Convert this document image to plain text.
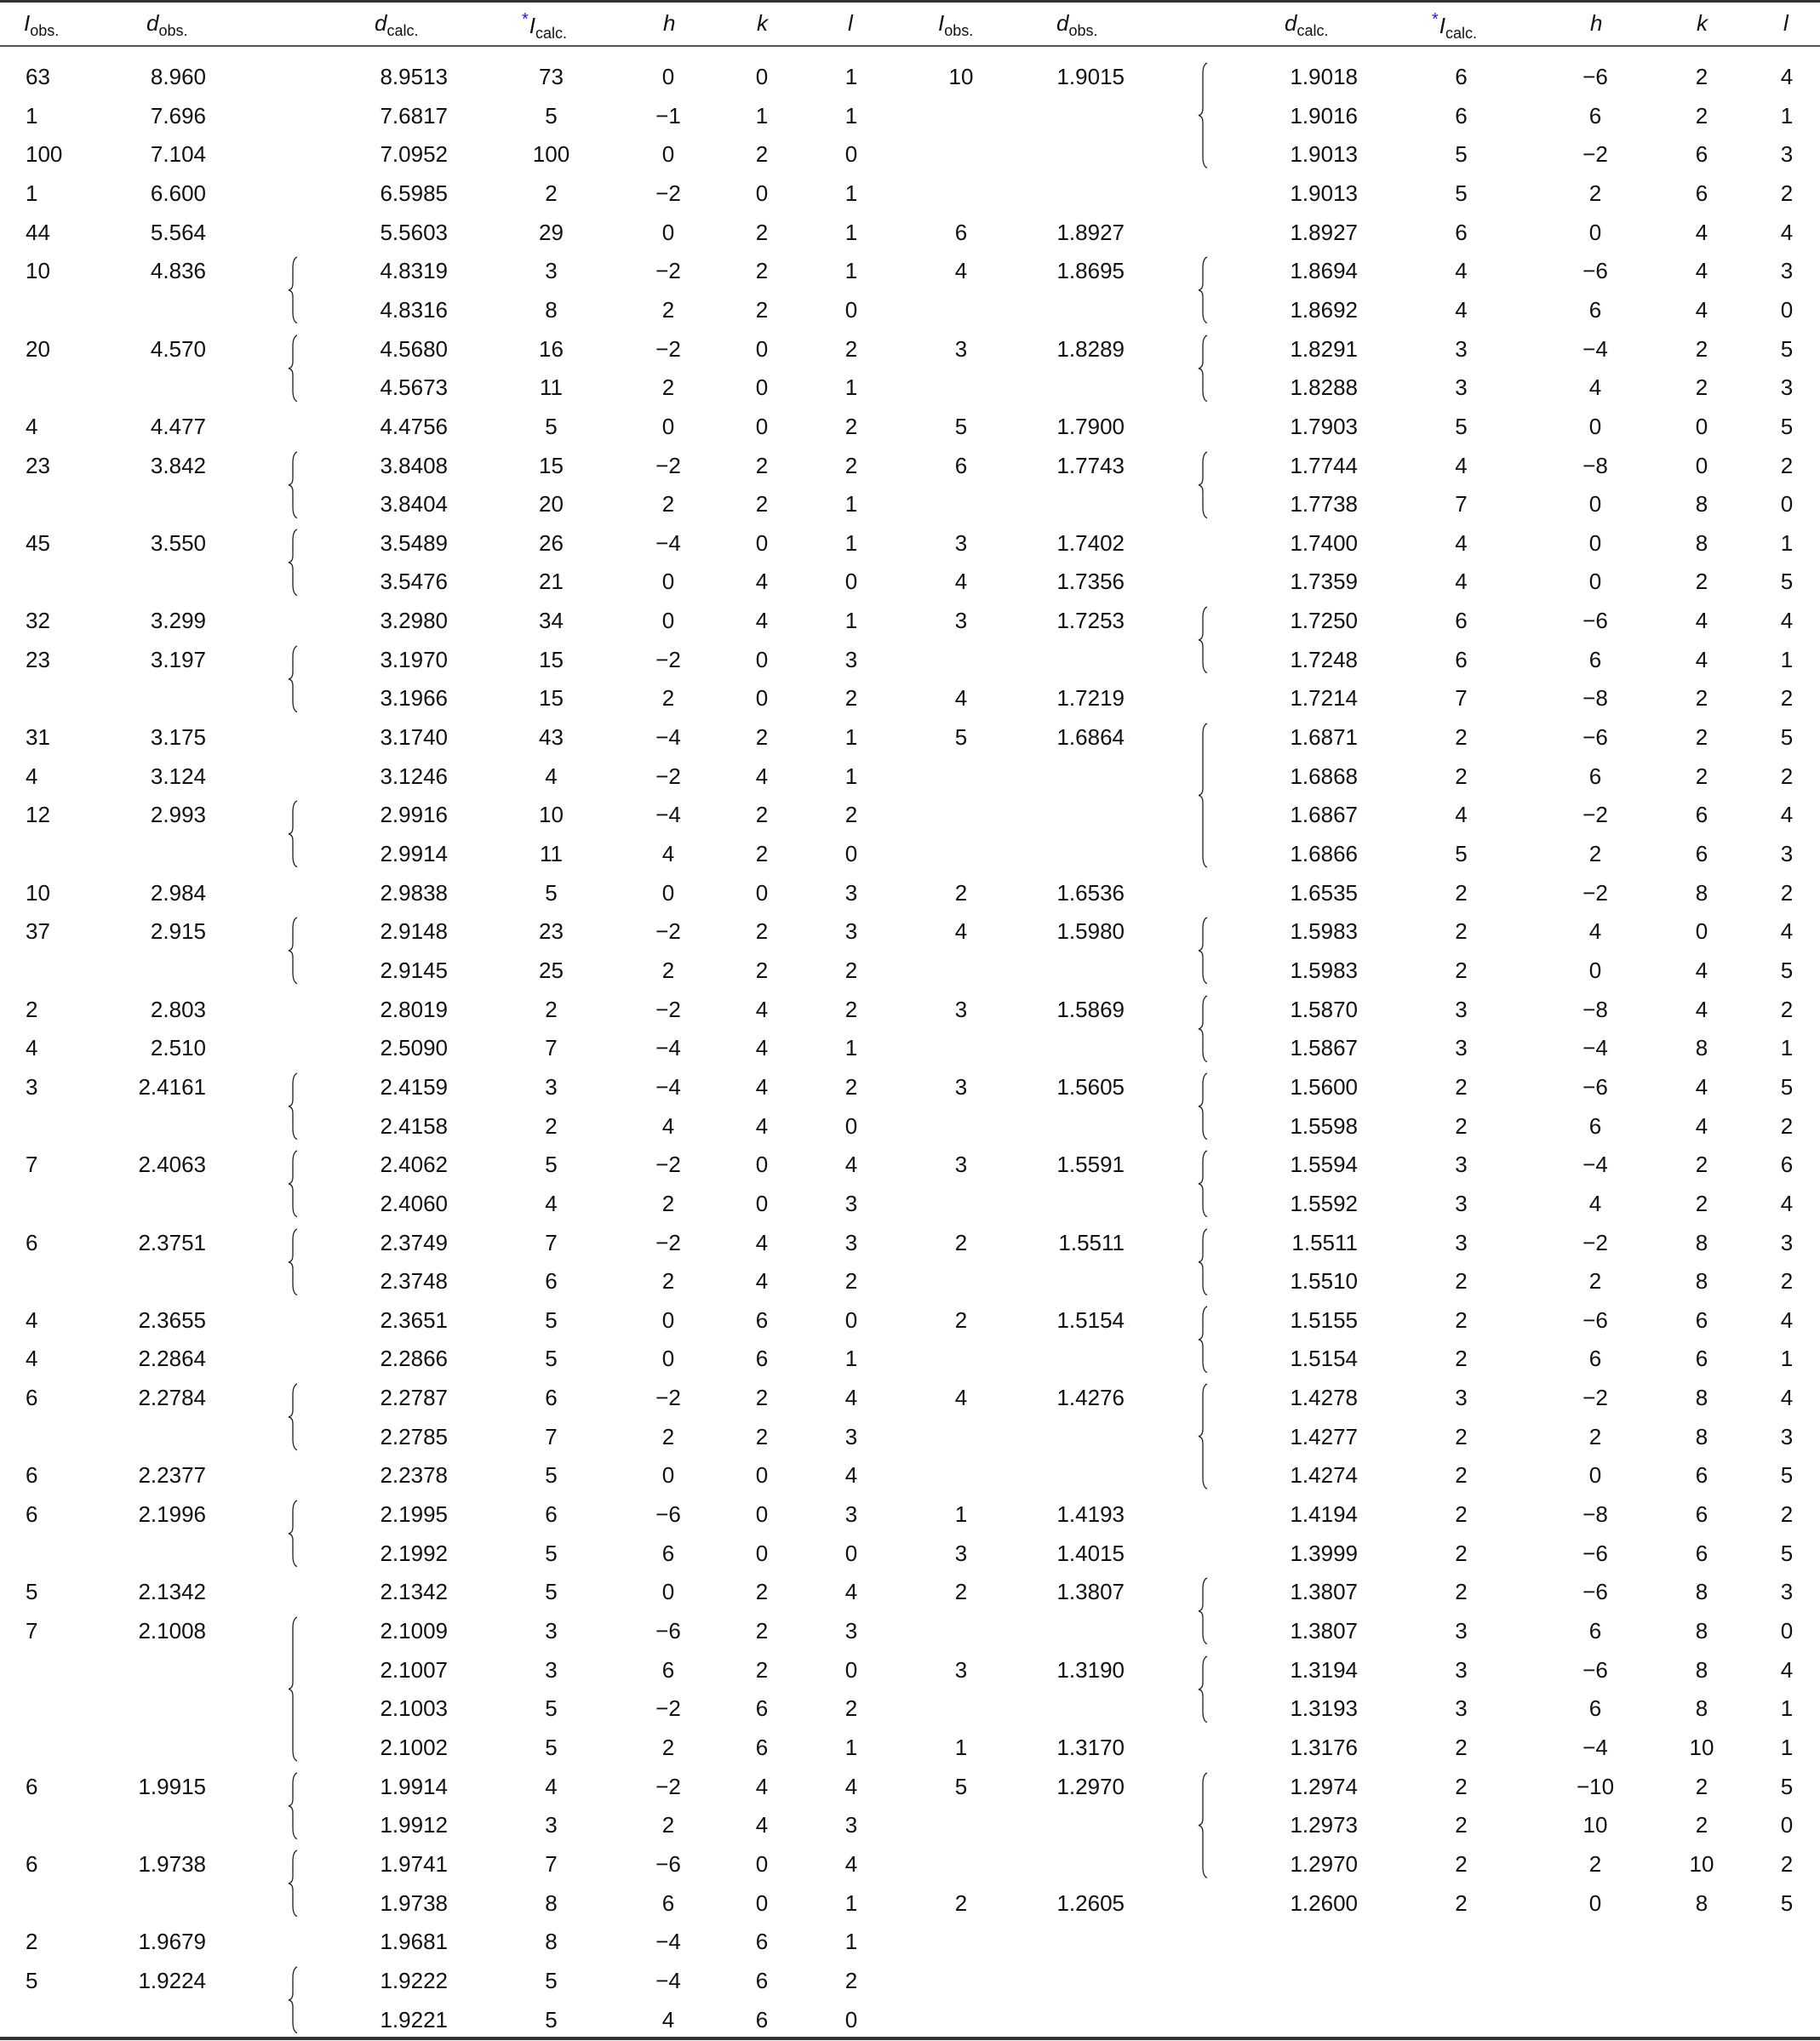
$I_{obs.}$	$d_{obs.}$	$d_{calc.}$
$^*I_{calc.}$	h	k	l
63	8.960	8.9513	73	0	0	1
1	7.696	7.6817	5	−1	1	1
100	7.104	7.0952	100	0	2	0
1	6.600	6.5985	2	−2	0	1
44	5.564	5.5603	29	0	2	1
10	4.836	4.8319	3	−2	2	1
4.8316	8	2	2	0
20	4.570	4.5680	16	−2	0	2
4.5673	11	2	0	1
4	4.477	4.4756	5	0	0	2
23	3.842	3.8408	15	−2	2	2
3.8404	20	2	2	1
45	3.550	3.5489	26	−4	0	1
3.5476	21	0	4	0
32	3.299	3.2980	34	0	4	1
23	3.197	3.1970	15	−2	0	3
3.1966	15	2	0	2
31	3.175	3.1740	43	−4	2	1
4	3.124	3.1246	4	−2	4	1
12	2.993	2.9916	10	−4	2	2
2.9914	11	4	2	0
10	2.984	2.9838	5	0	0	3
37	2.915	2.9148	23	−2	2	3
2.9145	25	2	2	2
2	2.803	2.8019	2	−2	4	2
4	2.510	2.5090	7	−4	4	1
3	2.4161	2.4159	3	−4	4	2
2.4158	2	4	4	0
7	2.4063	2.4062	5	−2	0	4
2.4060	4	2	0	3
6	2.3751	2.3749	7	−2	4	3
2.3748	6	2	4	2
4	2.3655	2.3651	5	0	6	0
4	2.2864	2.2866	5	0	6	1
6	2.2784	2.2787	6	−2	2	4
2.2785	7	2	2	3
6	2.2377	2.2378	5	0	0	4
6	2.1996	2.1995	6	−6	0	3
2.1992	5	6	0	0
5	2.1342	2.1342	5	0	2	4
7	2.1008	2.1009	3	−6	2	3
2.1007	3	6	2	0
2.1003	5	−2	6	2
2.1002	5	2	6	1
6	1.9915	1.9914	4	−2	4	4
1.9912	3	2	4	3
6	1.9738	1.9741	7	−6	0	4
1.9738	8	6	0	1
2	1.9679	1.9681	8	−4	6	1
5	1.9224	1.9222	5	−4	6	2
1.9221	5	4	6	0
$I_{obs.}$	$d_{obs.}$	$d_{calc.}$
$^*I_{calc.}$	h	k	l
10	1.9015	1.9018	6	−6	2	4
1.9016	6	6	2	1
1.9013	5	−2	6	3
1.9013	5	2	6	2
6	1.8927	1.8927	6	0	4	4
4	1.8695	1.8694	4	−6	4	3
1.8692	4	6	4	0
3	1.8289	1.8291	3	−4	2	5
1.8288	3	4	2	3
5	1.7900	1.7903	5	0	0	5
6	1.7743	1.7744	4	−8	0	2
1.7738	7	0	8	0
3	1.7402	1.7400	4	0	8	1
4	1.7356	1.7359	4	0	2	5
3	1.7253	1.7250	6	−6	4	4
1.7248	6	6	4	1
4	1.7219	1.7214	7	−8	2	2
5	1.6864	1.6871	2	−6	2	5
1.6868	2	6	2	2
1.6867	4	−2	6	4
1.6866	5	2	6	3
2	1.6536	1.6535	2	−2	8	2
4	1.5980	1.5983	2	4	0	4
1.5983	2	0	4	5
3	1.5869	1.5870	3	−8	4	2
1.5867	3	−4	8	1
3	1.5605	1.5600	2	−6	4	5
1.5598	2	6	4	2
3	1.5591	1.5594	3	−4	2	6
1.5592	3	4	2	4
2	1.5511	1.5511	3	−2	8	3
1.5510	2	2	8	2
2	1.5154	1.5155	2	−6	6	4
1.5154	2	6	6	1
4	1.4276	1.4278	3	−2	8	4
1.4277	2	2	8	3
1.4274	2	0	6	5
1	1.4193	1.4194	2	−8	6	2
3	1.4015	1.3999	2	−6	6	5
2	1.3807	1.3807	2	−6	8	3
1.3807	3	6	8	0
3	1.3190	1.3194	3	−6	8	4
1.3193	3	6	8	1
1	1.3170	1.3176	2	−4	10	1
5	1.2970	1.2974	2	−10	2	5
1.2973	2	10	2	0
1.2970	2	2	10	2
2	1.2605	1.2600	2	0	8	5
